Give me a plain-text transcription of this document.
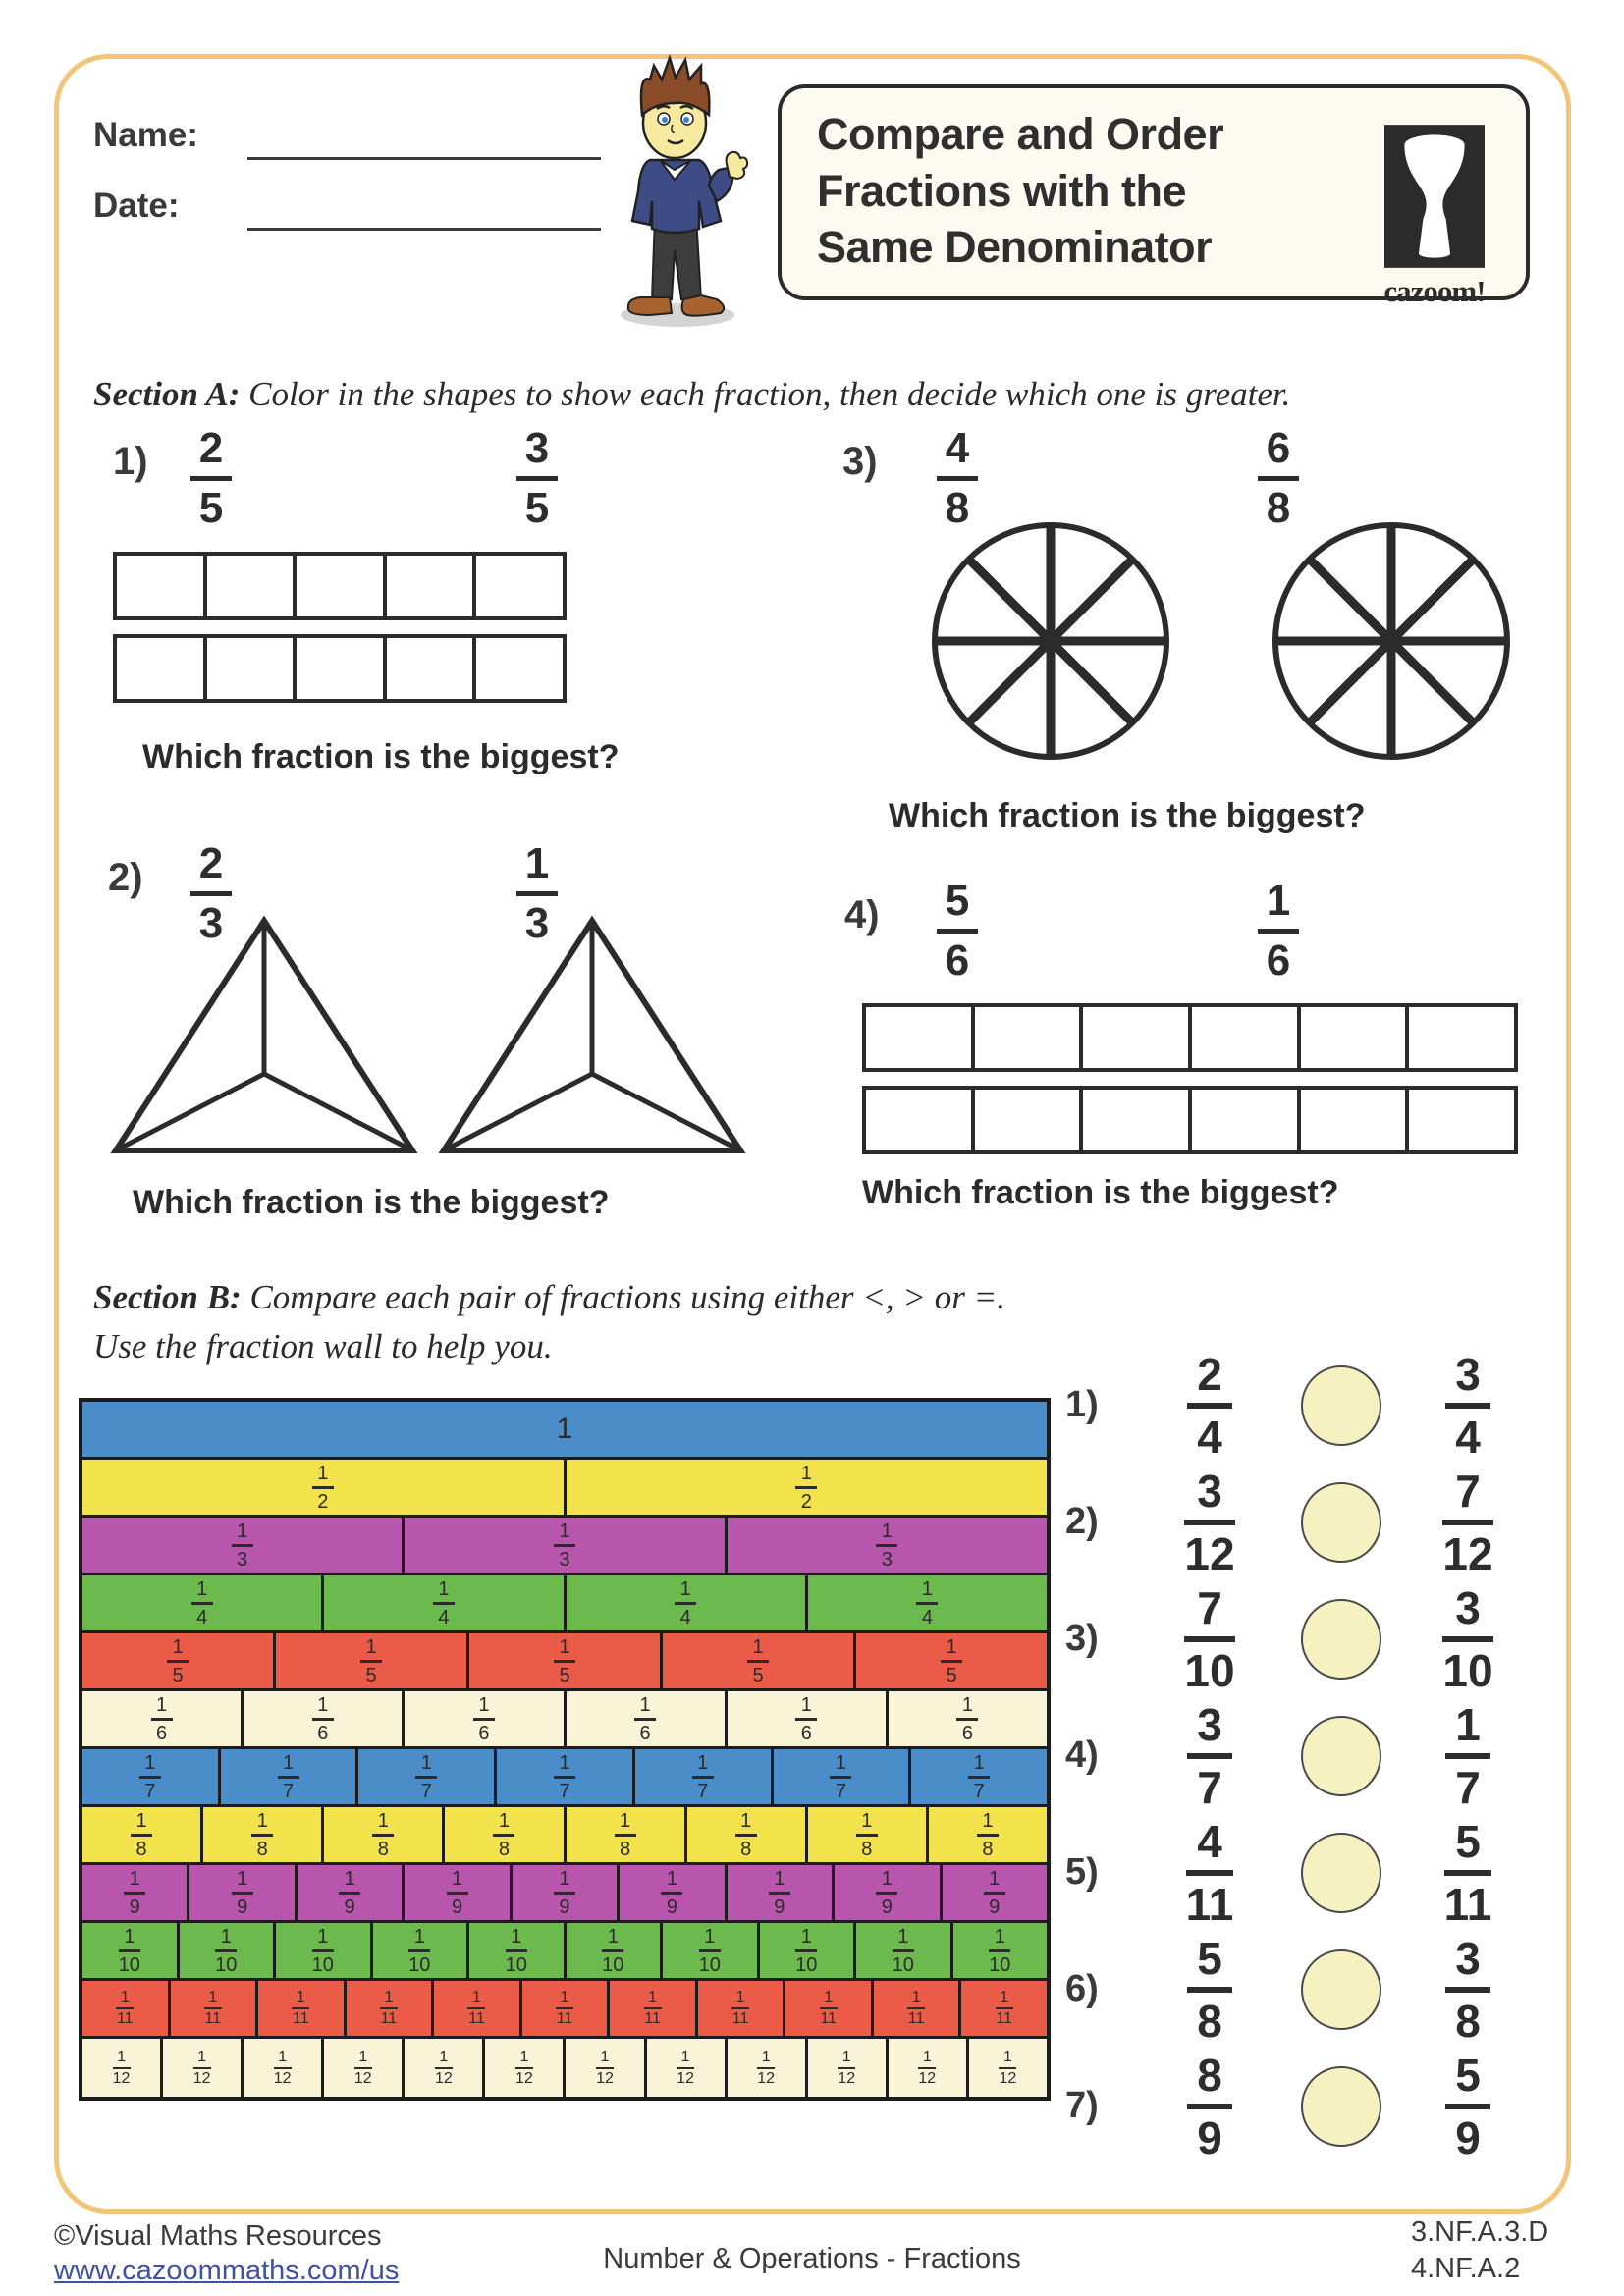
Name:
Date:
Compare and Order
Fractions with the
Same Denominator
cazoom!
Section A: Color in the shapes to show each fraction, then decide which one is greater.
1) 2
5
3
5
Which fraction is the biggest?
3) 4
8
6
8
Which fraction is the biggest?
2) 2
3
1
3
Which fraction is the biggest?
4) 5
6
1
6
Which fraction is the biggest?
Section B: Compare each pair of fractions using either <, > or =.
Use the fraction wall to help you.
1
1
2
1
2
1
3
1
3
1
3
1
4
1
4
1
4
1
4
1
5
1
5
1
5
1
5
1
5
1
6
1
6
1
6
1
6
1
6
1
6
1
7
1
7
1
7
1
7
1
7
1
7
1
7
1
8
1
8
1
8
1
8
1
8
1
8
1
8
1
8
1
9
1
9
1
9
1
9
1
9
1
9
1
9
1
9
1
9
1
10
1
10
1
10
1
10
1
10
1
10
1
10
1
10
1
10
1
10
1
11
1
11
1
11
1
11
1
11
1
11
1
11
1
11
1
11
1
11
1
11
1
12
1
12
1
12
1
12
1
12
1
12
1
12
1
12
1
12
1
12
1
12
1
12
1)
2
4
3
4
2)
3
12
7
12
3)
7
10
3
10
4)
3
7
1
7
5)
4
11
5
11
6)
5
8
3
8
7)
8
9
5
9
©Visual Maths Resources
www.cazoommaths.com/us	Number & Operations - Fractions
3.NF.A.3.D
4.NF.A.2
